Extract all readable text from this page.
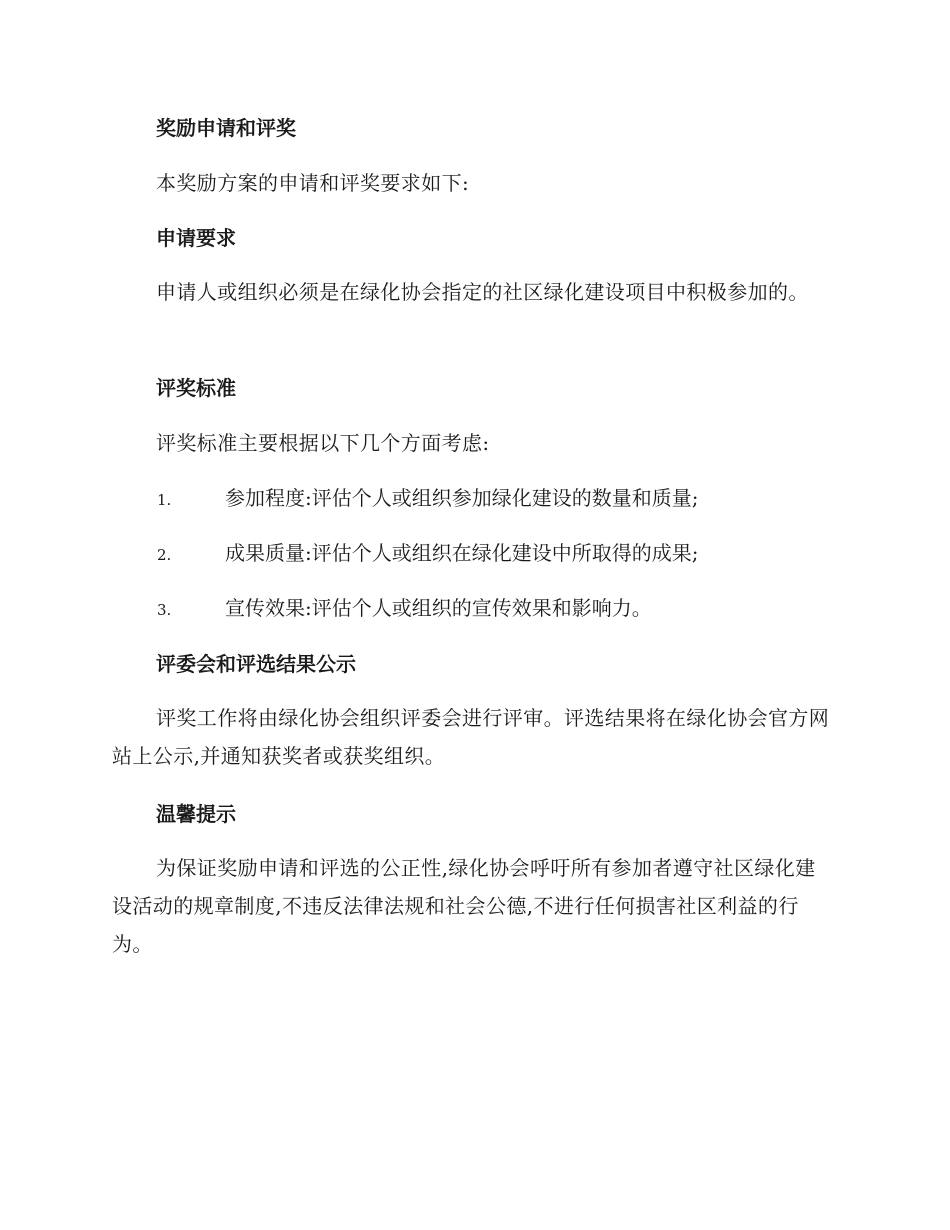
奖励申请和评奖
本奖励方案的申请和评奖要求如下:
申请要求
申请人或组织必须是在绿化协会指定的社区绿化建设项目中积极参加的。
评奖标准
评奖标准主要根据以下几个方面考虑:
1.	参加程度:评估个人或组织参加绿化建设的数量和质量;
2.	成果质量:评估个人或组织在绿化建设中所取得的成果;
3.	宣传效果:评估个人或组织的宣传效果和影响力。
评委会和评选结果公示
评奖工作将由绿化协会组织评委会进行评审。评选结果将在绿化协会官方网站上公示,并通知获奖者或获奖组织。
温馨提示
为保证奖励申请和评选的公正性,绿化协会呼吁所有参加者遵守社区绿化建设活动的规章制度,不违反法律法规和社会公德,不进行任何损害社区利益的行为。
